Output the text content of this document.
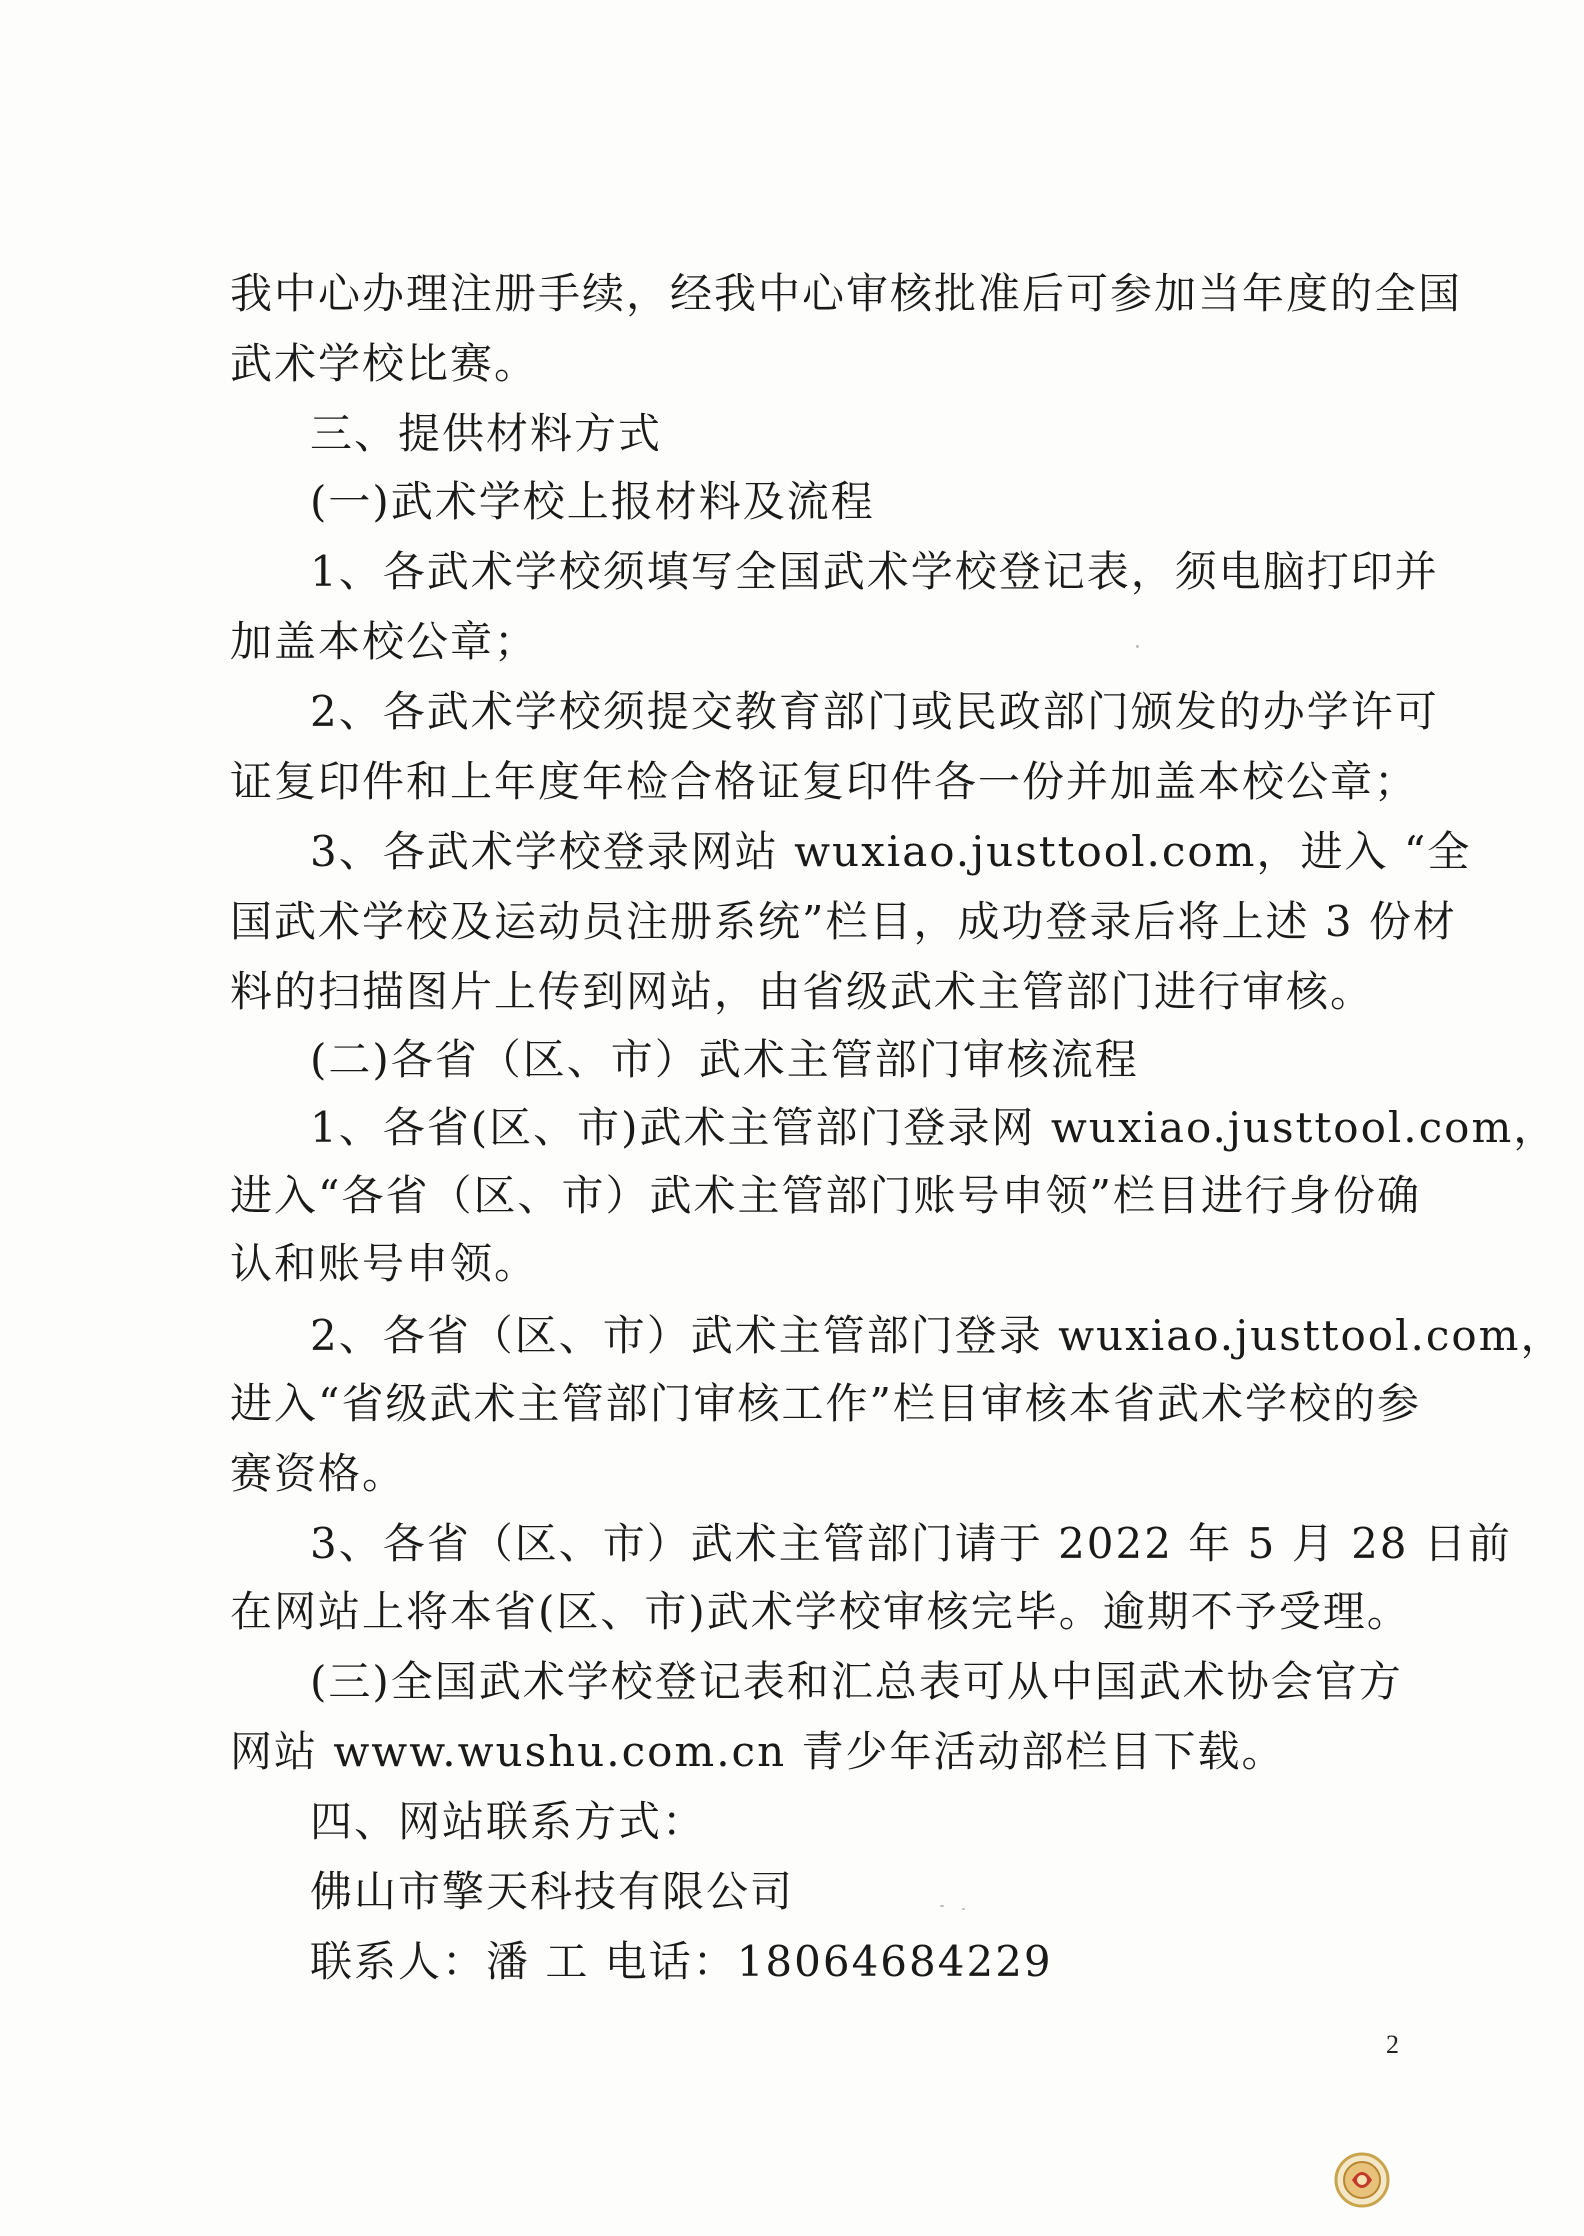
我中心办理注册手续，经我中心审核批准后可参加当年度的全国
武术学校比赛。
三、提供材料方式
(一)武术学校上报材料及流程
1、各武术学校须填写全国武术学校登记表，须电脑打印并
加盖本校公章；
2、各武术学校须提交教育部门或民政部门颁发的办学许可
证复印件和上年度年检合格证复印件各一份并加盖本校公章；
3、各武术学校登录网站 wuxiao.justtool.com，进入 “全
国武术学校及运动员注册系统”栏目，成功登录后将上述 3 份材
料的扫描图片上传到网站，由省级武术主管部门进行审核。
(二)各省（区、市）武术主管部门审核流程
1、各省(区、市)武术主管部门登录网 wuxiao.justtool.com，
进入“各省（区、市）武术主管部门账号申领”栏目进行身份确
认和账号申领。
2、各省（区、市）武术主管部门登录 wuxiao.justtool.com，
进入“省级武术主管部门审核工作”栏目审核本省武术学校的参
赛资格。
3、各省（区、市）武术主管部门请于 2022 年 5 月 28 日前
在网站上将本省(区、市)武术学校审核完毕。逾期不予受理。
(三)全国武术学校登记表和汇总表可从中国武术协会官方
网站 www.wushu.com.cn 青少年活动部栏目下载。
四、网站联系方式：
佛山市擎天科技有限公司
联系人：潘 工 电话：18064684229
2
